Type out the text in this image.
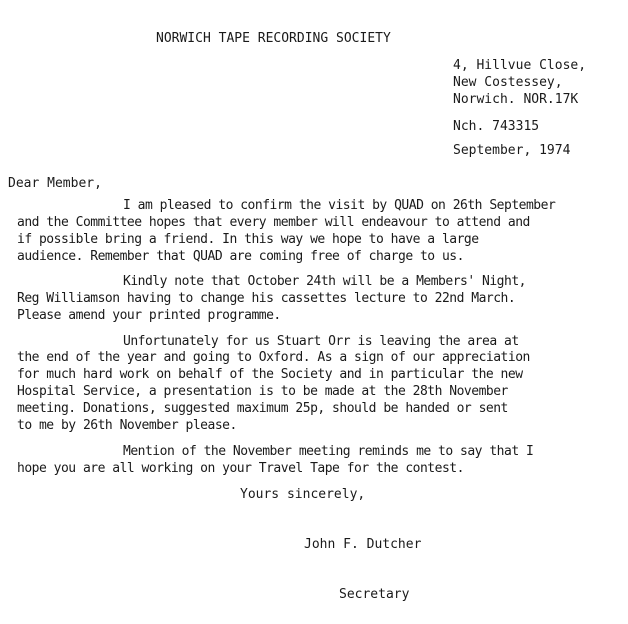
NORWICH TAPE RECORDING SOCIETY
4, Hillvue Close,
New Costessey,
Norwich. NOR.17K
Nch. 743315
September, 1974
Dear Member,
I am pleased to confirm the visit by QUAD on 26th September
and the Committee hopes that every member will endeavour to attend and
if possible bring a friend. In this way we hope to have a large
audience. Remember that QUAD are coming free of charge to us.
Kindly note that October 24th will be a Members' Night,
Reg Williamson having to change his cassettes lecture to 22nd March.
Please amend your printed programme.
Unfortunately for us Stuart Orr is leaving the area at
the end of the year and going to Oxford. As a sign of our appreciation
for much hard work on behalf of the Society and in particular the new
Hospital Service, a presentation is to be made at the 28th November
meeting. Donations, suggested maximum 25p, should be handed or sent
to me by 26th November please.
Mention of the November meeting reminds me to say that I
hope you are all working on your Travel Tape for the contest.
Yours sincerely,
John F. Dutcher
Secretary
